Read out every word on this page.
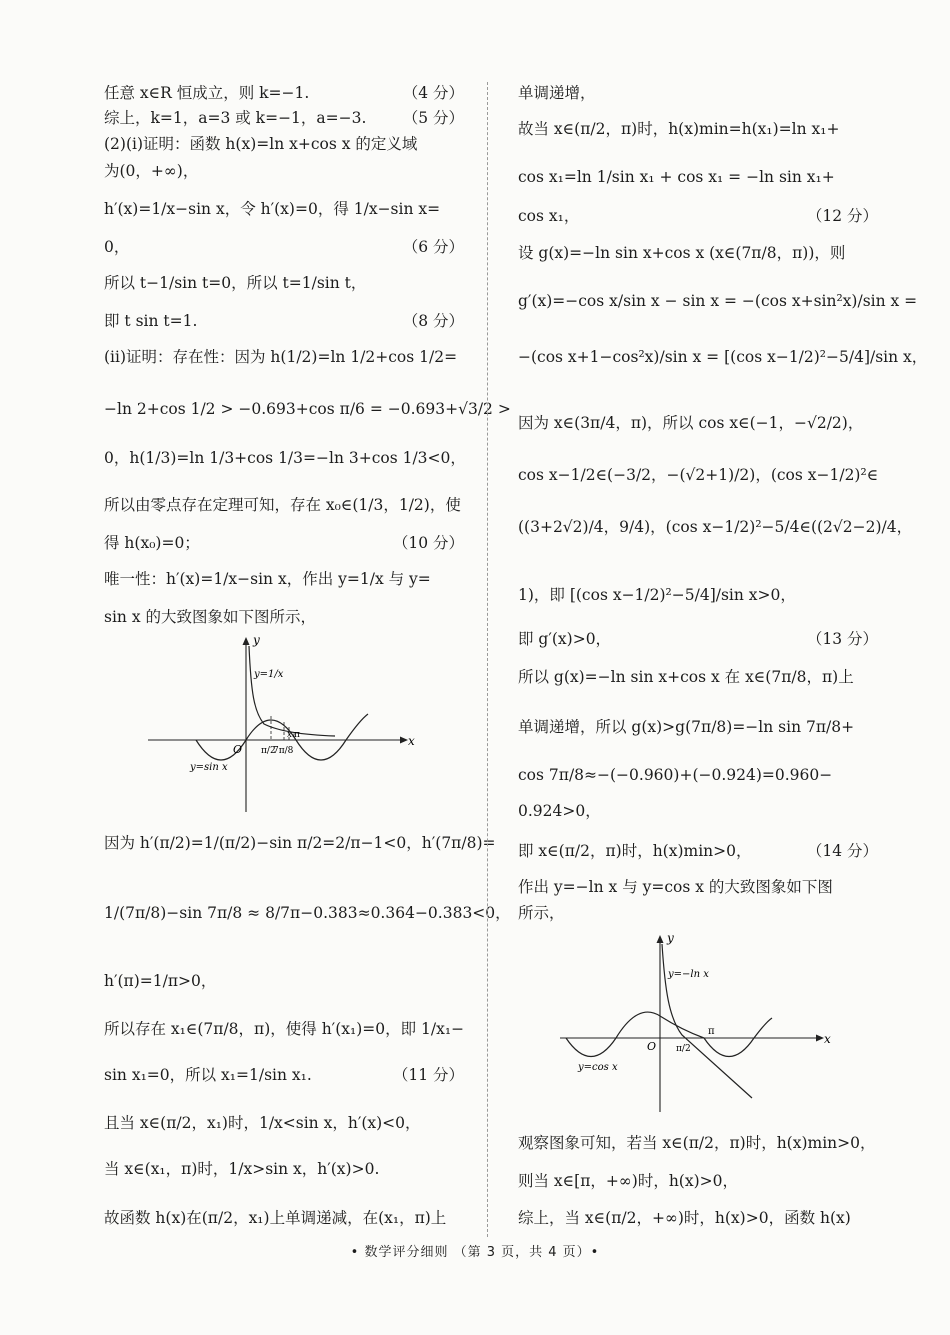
任意 x∈R 恒成立，则 k=−1.	（4 分）
综上，k=1，a=3 或 k=−1，a=−3. （5 分）
(2)(ⅰ)证明：函数 h(x)=ln x+cos x 的定义域
为(0，+∞)，
h′(x)=1/x−sin x，令 h′(x)=0，得 1/x−sin x=
0，	（6 分）
所以 t−1/sin t=0，所以 t=1/sin t，
即 t sin t=1.	（8 分）
(ⅱ)证明：存在性：因为 h(1/2)=ln 1/2+cos 1/2=
−ln 2+cos 1/2 > −0.693+cos π/6 = −0.693+√3/2 >
0，h(1/3)=ln 1/3+cos 1/3=−ln 3+cos 1/3<0，
所以由零点存在定理可知，存在 x₀∈(1/3，1/2)，使
得 h(x₀)=0；	（10 分）
唯一性：h′(x)=1/x−sin x，作出 y=1/x 与 y=
sin x 的大致图象如下图所示，
因为 h′(π/2)=1/(π/2)−sin π/2=2/π−1<0，h′(7π/8)=
1/(7π/8)−sin 7π/8 ≈ 8/7π−0.383≈0.364−0.383<0，
h′(π)=1/π>0，
所以存在 x₁∈(7π/8，π)，使得 h′(x₁)=0，即 1/x₁−
sin x₁=0，所以 x₁=1/sin x₁.	（11 分）
且当 x∈(π/2，x₁)时，1/x<sin x，h′(x)<0，
当 x∈(x₁，π)时，1/x>sin x，h′(x)>0.
故函数 h(x)在(π/2，x₁)上单调递减，在(x₁，π)上
单调递增，
故当 x∈(π/2，π)时，h(x)min=h(x₁)=ln x₁+
cos x₁=ln 1/sin x₁ + cos x₁ = −ln sin x₁+
cos x₁，	（12 分）
设 g(x)=−ln sin x+cos x (x∈(7π/8，π))，则
g′(x)=−cos x/sin x − sin x = −(cos x+sin²x)/sin x =
−(cos x+1−cos²x)/sin x = [(cos x−1/2)²−5/4]/sin x，
因为 x∈(3π/4，π)，所以 cos x∈(−1，−√2/2)，
cos x−1/2∈(−3/2，−(√2+1)/2)，(cos x−1/2)²∈
((3+2√2)/4，9/4)，(cos x−1/2)²−5/4∈((2√2−2)/4，
1)，即 [(cos x−1/2)²−5/4]/sin x>0，
即 g′(x)>0，	（13 分）
所以 g(x)=−ln sin x+cos x 在 x∈(7π/8，π)上
单调递增，所以 g(x)>g(7π/8)=−ln sin 7π/8+
cos 7π/8≈−(−0.960)+(−0.924)=0.960−
0.924>0，
即 x∈(π/2，π)时，h(x)min>0，	（14 分）
作出 y=−ln x 与 y=cos x 的大致图象如下图
所示，
观察图象可知，若当 x∈(π/2，π)时，h(x)min>0，
则当 x∈[π，+∞)时，h(x)>0，
综上，当 x∈(π/2，+∞)时，h(x)>0，函数 h(x)
x
y
O
y=1/x
y=sin x
π/2
7π/8
x₁
π
x
y
O
y=−ln x
y=cos x
π/2
π
• 数学评分细则 （第 3 页，共 4 页）•
